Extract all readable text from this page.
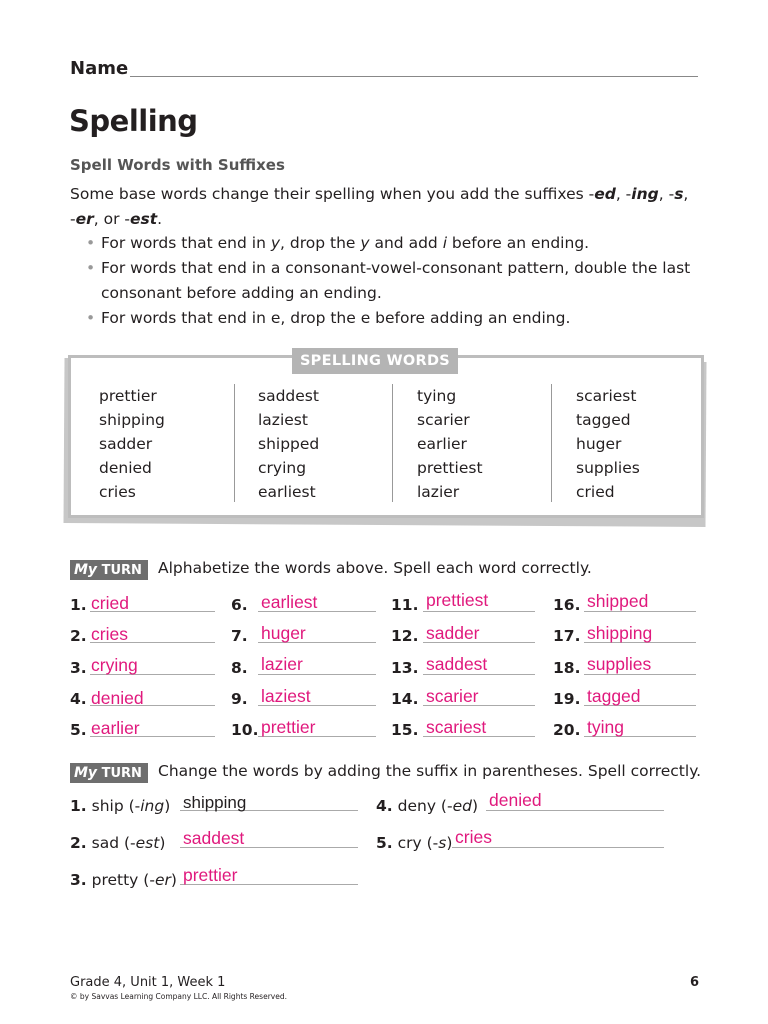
Name
Spelling
Spell Words with Suffixes
Some base words change their spelling when you add the suffixes -ed, -ing, -s,
-er, or -est.
• For words that end in y, drop the y and add i before an ending.
• For words that end in a consonant-vowel-consonant pattern, double the last consonant before adding an ending.
• For words that end in e, drop the e before adding an ending.
SPELLING WORDS
prettier
shipping
sadder
denied
cries
saddest
laziest
shipped
crying
earliest
tying
scarier
earlier
prettiest
lazier
scariest
tagged
huger
supplies
cried
My TURN	Alphabetize the words above. Spell each word correctly.
1. cried
2. cries
3. crying
4. denied
5. earlier
6. earliest
7. huger
8. lazier
9. laziest
10. prettier
11. prettiest
12. sadder
13. saddest
14. scarier
15. scariest
16. shipped
17. shipping
18. supplies
19. tagged
20. tying
My TURN	Change the words by adding the suffix in parentheses. Spell correctly.
1. ship (-ing) shipping
2. sad (-est) saddest
3. pretty (-er) prettier
4. deny (-ed) denied
5. cry (-s) cries
Grade 4, Unit 1, Week 1
© by Savvas Learning Company LLC. All Rights Reserved.
6
